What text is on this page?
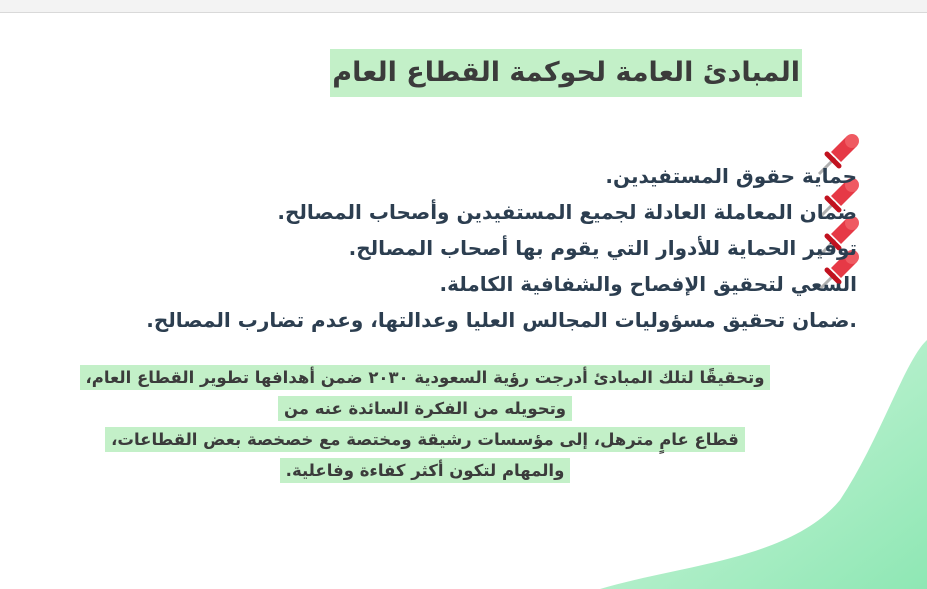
المبادئ العامة لحوكمة القطاع العام
حماية حقوق المستفيدين.
ضمان المعاملة العادلة لجميع المستفيدين وأصحاب المصالح.
توفير الحماية للأدوار التي يقوم بها أصحاب المصالح.
السعي لتحقيق الإفصاح والشفافية الكاملة.
.ضمان تحقيق مسؤوليات المجالس العليا وعدالتها، وعدم تضارب المصالح.
وتحقيقًا لتلك المبادئ أدرجت رؤية السعودية ٢٠٣٠ ضمن أهدافها تطوير القطاع العام،
وتحويله من الفكرة السائدة عنه من
قطاع عامٍ مترهل، إلى مؤسسات رشيقة ومختصة مع خصخصة بعض القطاعات،
والمهام لتكون أكثر كفاءة وفاعلية.
